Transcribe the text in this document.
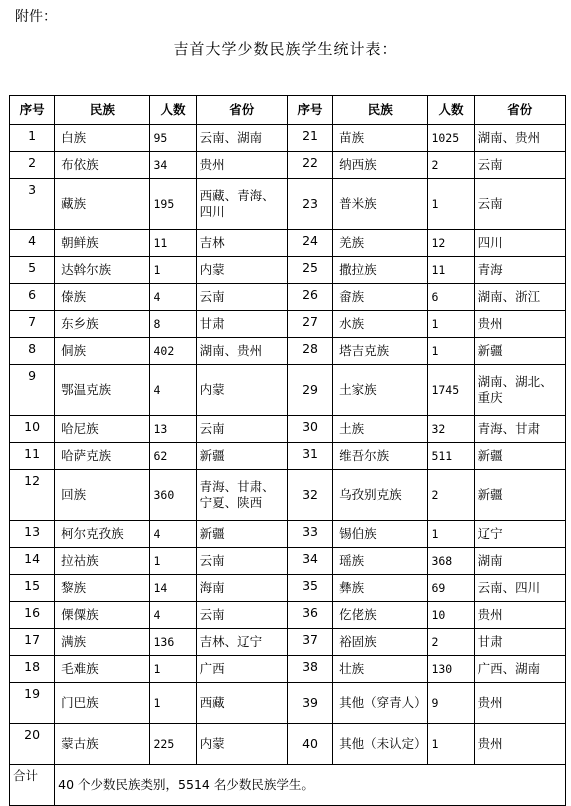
附件：
吉首大学少数民族学生统计表：
序号	民族	人数	省份	序号	民族	人数	省份
1	白族	95	云南、湖南	21	苗族	1025	湖南、贵州
2	布依族	34	贵州	22	纳西族	2	云南
3	藏族	195	西藏、青海、四川	23	普米族	1	云南
4	朝鲜族	11	吉林	24	羌族	12	四川
5	达斡尔族	1	内蒙	25	撒拉族	11	青海
6	傣族	4	云南	26	畲族	6	湖南、浙江
7	东乡族	8	甘肃	27	水族	1	贵州
8	侗族	402	湖南、贵州	28	塔吉克族	1	新疆
9	鄂温克族	4	内蒙	29	土家族	1745	湖南、湖北、重庆
10	哈尼族	13	云南	30	土族	32	青海、甘肃
11	哈萨克族	62	新疆	31	维吾尔族	511	新疆
12	回族	360	青海、甘肃、宁夏、陕西	32	乌孜别克族	2	新疆
13	柯尔克孜族	4	新疆	33	锡伯族	1	辽宁
14	拉祜族	1	云南	34	瑶族	368	湖南
15	黎族	14	海南	35	彝族	69	云南、四川
16	傈僳族	4	云南	36	仡佬族	10	贵州
17	满族	136	吉林、辽宁	37	裕固族	2	甘肃
18	毛难族	1	广西	38	壮族	130	广西、湖南
19	门巴族	1	西藏	39	其他（穿青人）	9	贵州
20	蒙古族	225	内蒙	40	其他（未认定）	1	贵州
合计	40 个少数民族类别，5514 名少数民族学生。						
